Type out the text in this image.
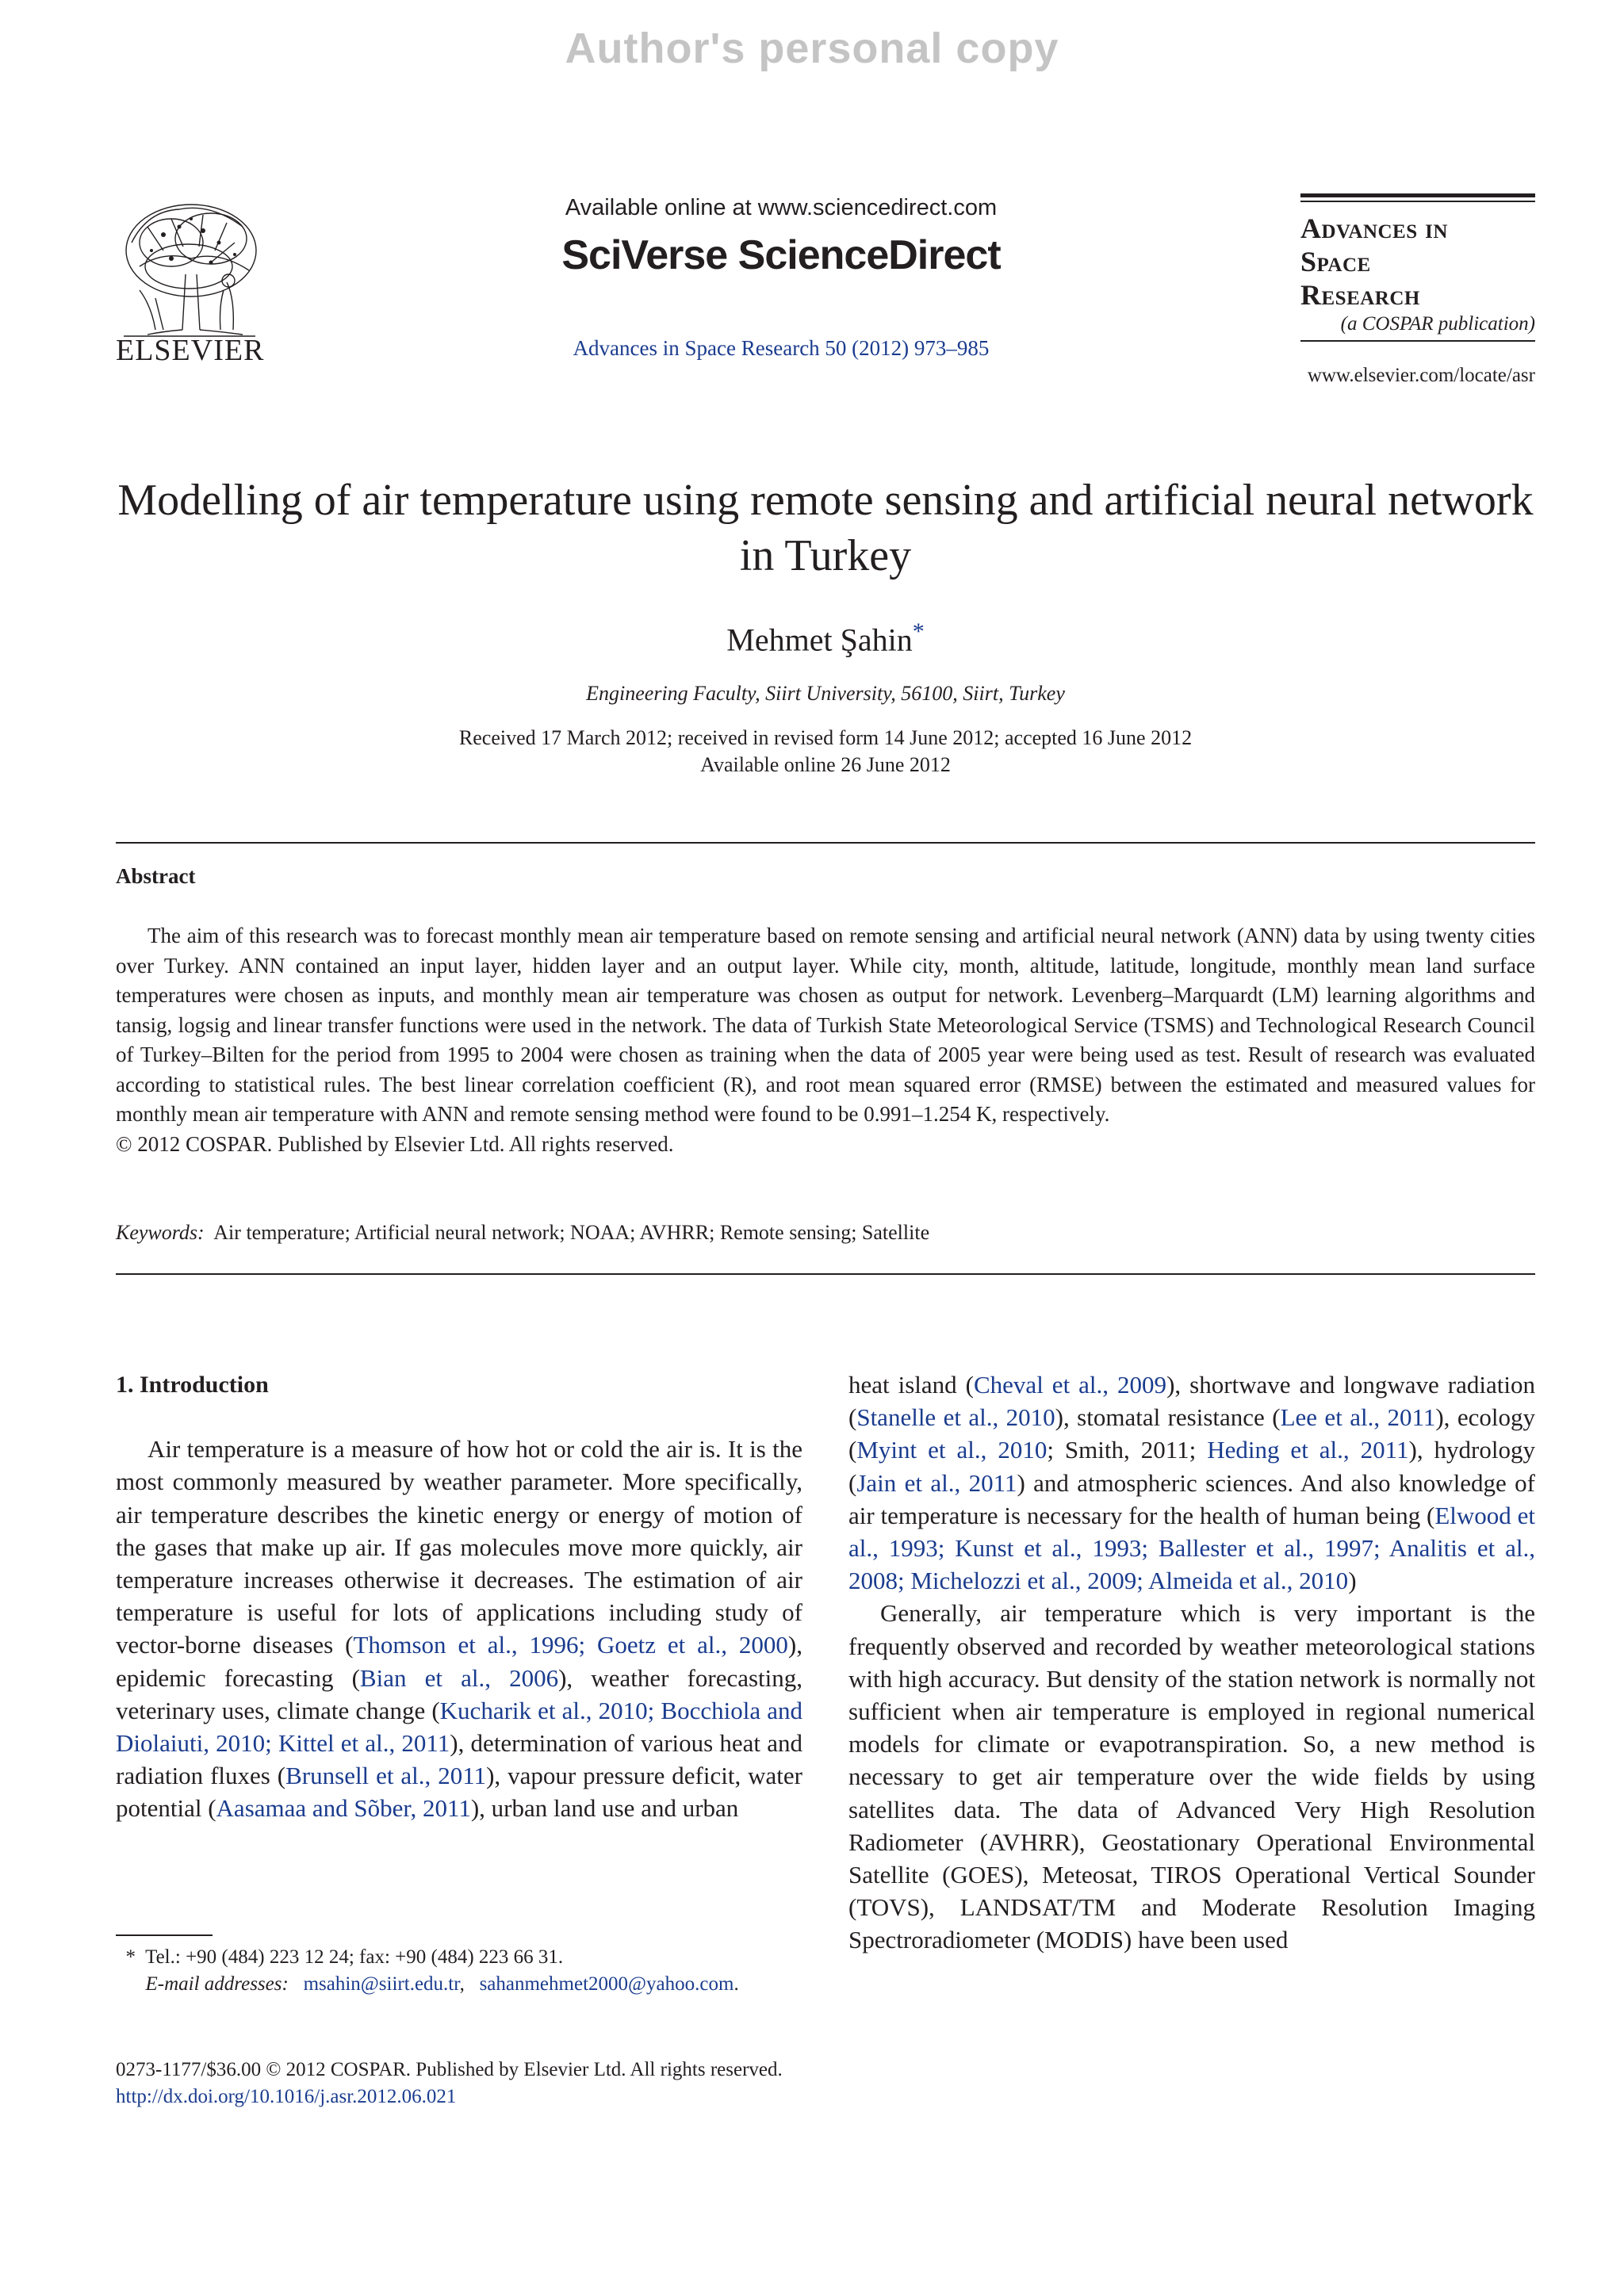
Author's personal copy
ELSEVIER
Available online at www.sciencedirect.com
SciVerse ScienceDirect
Advances in Space Research 50 (2012) 973–985
Advances in
Space
Research
(a COSPAR publication)
www.elsevier.com/locate/asr
Modelling of air temperature using remote sensing and artificial neural network in Turkey
Mehmet Şahin*
Engineering Faculty, Siirt University, 56100, Siirt, Turkey
Received 17 March 2012; received in revised form 14 June 2012; accepted 16 June 2012
Available online 26 June 2012
Abstract
The aim of this research was to forecast monthly mean air temperature based on remote sensing and artificial neural network (ANN) data by using twenty cities over Turkey. ANN contained an input layer, hidden layer and an output layer. While city, month, altitude, latitude, longitude, monthly mean land surface temperatures were chosen as inputs, and monthly mean air temperature was chosen as output for network. Levenberg–Marquardt (LM) learning algorithms and tansig, logsig and linear transfer functions were used in the network. The data of Turkish State Meteorological Service (TSMS) and Technological Research Council of Turkey–Bilten for the period from 1995 to 2004 were chosen as training when the data of 2005 year were being used as test. Result of research was evaluated according to statistical rules. The best linear correlation coefficient (R), and root mean squared error (RMSE) between the estimated and measured values for monthly mean air temperature with ANN and remote sensing method were found to be 0.991–1.254 K, respectively.
© 2012 COSPAR. Published by Elsevier Ltd. All rights reserved.
Keywords: Air temperature; Artificial neural network; NOAA; AVHRR; Remote sensing; Satellite

1. Introduction

Air temperature is a measure of how hot or cold the air is. It is the most commonly measured by weather parameter. More specifically, air temperature describes the kinetic energy or energy of motion of the gases that make up air. If gas molecules move more quickly, air temperature increases otherwise it decreases. The estimation of air temperature is useful for lots of applications including study of vector-borne diseases (Thomson et al., 1996; Goetz et al., 2000), epidemic forecasting (Bian et al., 2006), weather forecasting, veterinary uses, climate change (Kucharik et al., 2010; Bocchiola and Diolaiuti, 2010; Kittel et al., 2011), determination of various heat and radiation fluxes (Brunsell et al., 2011), vapour pressure deficit, water potential (Aasamaa and Sõber, 2011), urban land use and urban

heat island (Cheval et al., 2009), shortwave and longwave radiation (Stanelle et al., 2010), stomatal resistance (Lee et al., 2011), ecology (Myint et al., 2010; Smith, 2011; Heding et al., 2011), hydrology (Jain et al., 2011) and atmospheric sciences. And also knowledge of air temperature is necessary for the health of human being (Elwood et al., 1993; Kunst et al., 1993; Ballester et al., 1997; Analitis et al., 2008; Michelozzi et al., 2009; Almeida et al., 2010)

Generally, air temperature which is very important is the frequently observed and recorded by weather meteorological stations with high accuracy. But density of the station network is normally not sufficient when air temperature is employed in regional numerical models for climate or evapotranspiration. So, a new method is necessary to get air temperature over the wide fields by using satellites data. The data of Advanced Very High Resolution Radiometer (AVHRR), Geostationary Operational Environmental Satellite (GOES), Meteosat, TIROS Operational Vertical Sounder (TOVS), LANDSAT/TM and Moderate Resolution Imaging Spectroradiometer (MODIS) have been used

* Tel.: +90 (484) 223 12 24; fax: +90 (484) 223 66 31.
E-mail addresses: msahin@siirt.edu.tr, sahanmehmet2000@yahoo.com.
0273-1177/$36.00 © 2012 COSPAR. Published by Elsevier Ltd. All rights reserved.
http://dx.doi.org/10.1016/j.asr.2012.06.021
